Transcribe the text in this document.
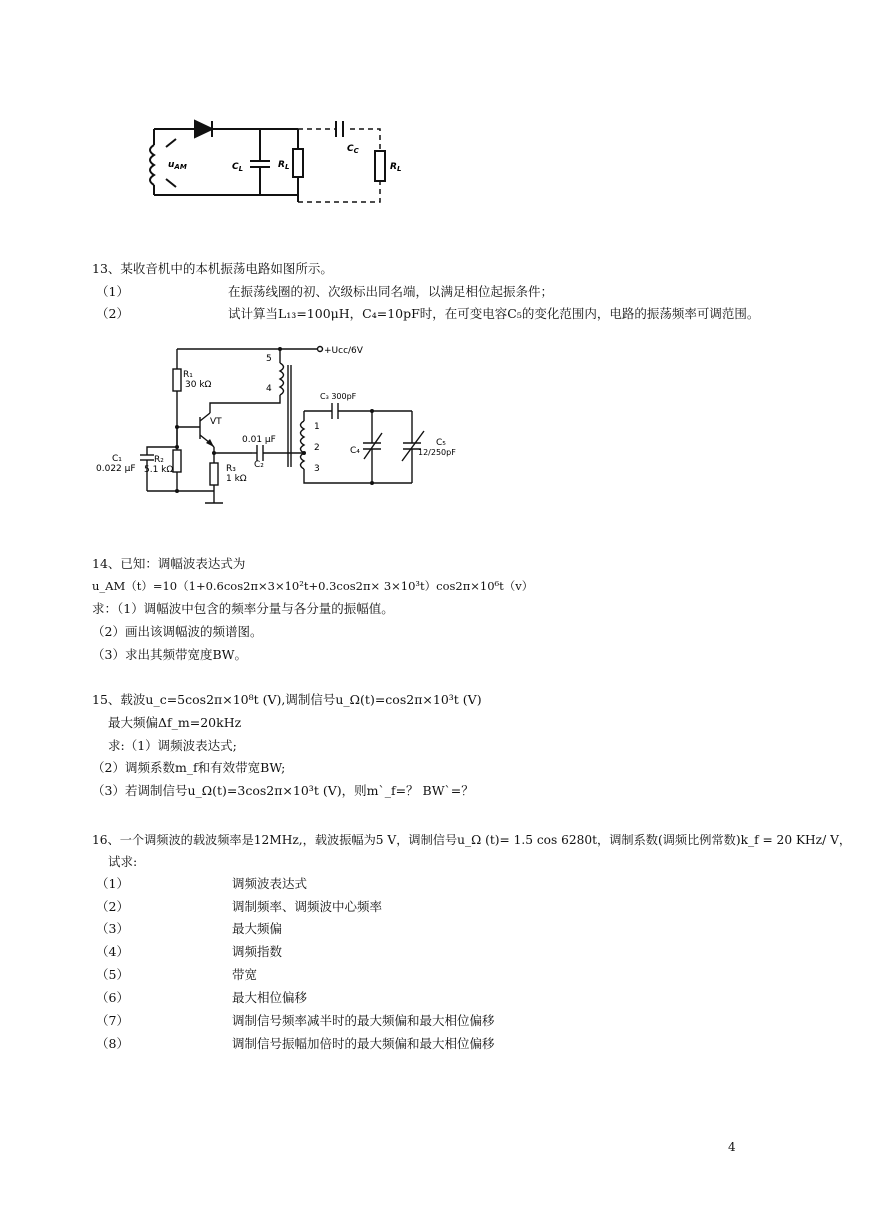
$u_{AM}$	$C_L$	$R_L$
$C_C$
$R_L$
13、某收音机中的本机振荡电路如图所示。
（1）	在振荡线圈的初、次级标出同名端，以满足相位起振条件；
（2）	试计算当L₁₃=100μH，C₄=10pF时，在可变电容C₅的变化范围内，电路的振荡频率可调范围。
+Ucc/6V
R₁
30 kΩ
5
4
VT
C₃ 300pF
0.01 μF
C₁
0.022 μF
R₂
5.1 kΩ	R₃
1 kΩ
C₂
1
2
3
C₄
C₅
12/250pF
14、已知：调幅波表达式为
u_AM（t）=10（1+0.6cos2π×3×10²t+0.3cos2π× 3×10³t）cos2π×10⁶t（v）
求：（1）调幅波中包含的频率分量与各分量的振幅值。
（2）画出该调幅波的频谱图。
（3）求出其频带宽度BW。
15、载波u_c=5cos2π×10⁸t (V),调制信号u_Ω(t)=cos2π×10³t (V)
最大频偏Δf_m=20kHz
求:（1）调频波表达式;
（2）调频系数m_f和有效带宽BW;
（3）若调制信号u_Ω(t)=3cos2π×10³t (V)，则m`_f=？ BW`=？
16、一个调频波的载波频率是12MHz,，载波振幅为5 V，调制信号u_Ω (t)= 1.5 cos 6280t，调制系数(调频比例常数)k_f = 20 KHz/ V，
试求:
（1）	调频波表达式
（2）	调制频率、调频波中心频率
（3）	最大频偏
（4）	调频指数
（5）	带宽
（6）	最大相位偏移
（7）	调制信号频率减半时的最大频偏和最大相位偏移
（8）	调制信号振幅加倍时的最大频偏和最大相位偏移
4
